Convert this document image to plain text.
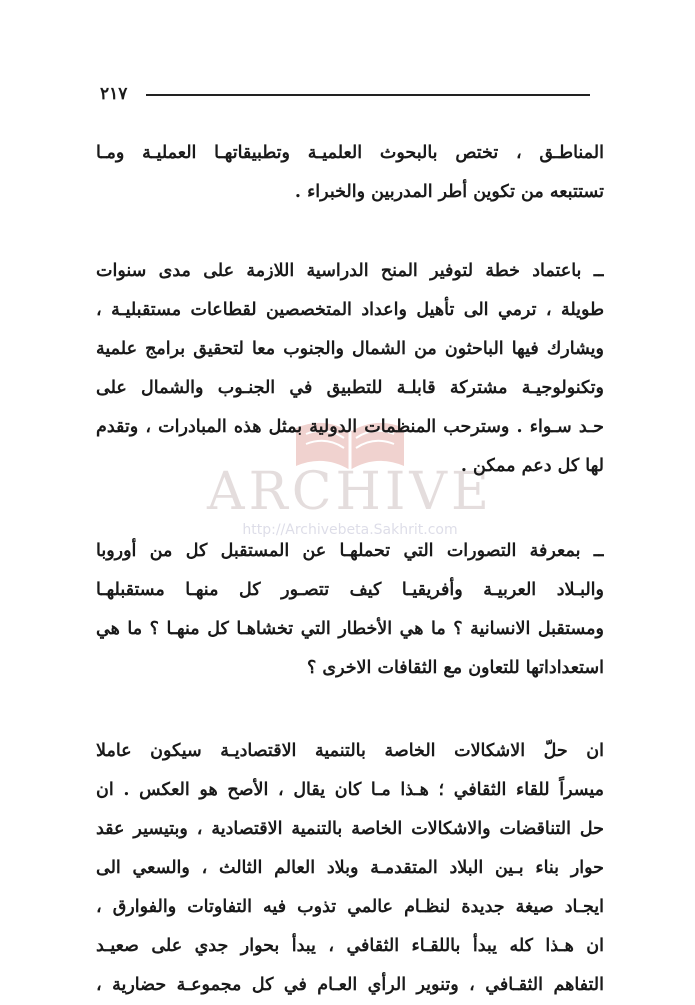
٢١٧
ARCHIVE
http://Archivebeta.Sakhrit.com
المناطـق ، تختص بالبحوث العلميـة وتطبيقاتهـا العمليـة ومـا
تستتبعه من تكوين أطر المدربين والخبراء .
ــ باعتماد خطة لتوفير المنح الدراسية اللازمة على مدى سنوات
طويلة ، ترمي الى تأهيل واعداد المتخصصين لقطاعات مستقبليـة ،
ويشارك فيها الباحثون من الشمال والجنوب معا لتحقيق برامج علمية
وتكنولوجيـة مشتركة قابلـة للتطبيق في الجنـوب والشمال على
حـد سـواء . وسترحب المنظمات الدولية بمثل هذه المبادرات ، وتقدم
لها كل دعم ممكن .
ــ بمعرفة التصورات التي تحملهـا عن المستقبل كل من أوروبا
والبـلاد العربيـة وأفريقيـا كيف تتصـور كل منهـا مستقبلهـا
ومستقبل الانسانية ؟ ما هي الأخطار التي تخشاهـا كل منهـا ؟ ما هي
استعداداتها للتعاون مع الثقافات الاخرى ؟
ان حلّ الاشكالات الخاصة بالتنمية الاقتصاديـة سيكون عاملا
ميسراً للقاء الثقافي ؛ هـذا مـا كان يقال ، الأصح هو العكس . ان
حل التناقضات والاشكالات الخاصة بالتنمية الاقتصادية ، وبتيسير عقد
حوار بناء بـين البلاد المتقدمـة وبلاد العالم الثالث ، والسعي الى
ايجـاد صيغة جديدة لنظـام عالمي تذوب فيه التفاوتات والفوارق ،
ان هـذا كله يبدأ باللقـاء الثقافي ، يبدأ بحوار جدي على صعيـد
التفاهم الثقـافي ، وتنوير الرأي العـام في كل مجموعـة حضارية ،
